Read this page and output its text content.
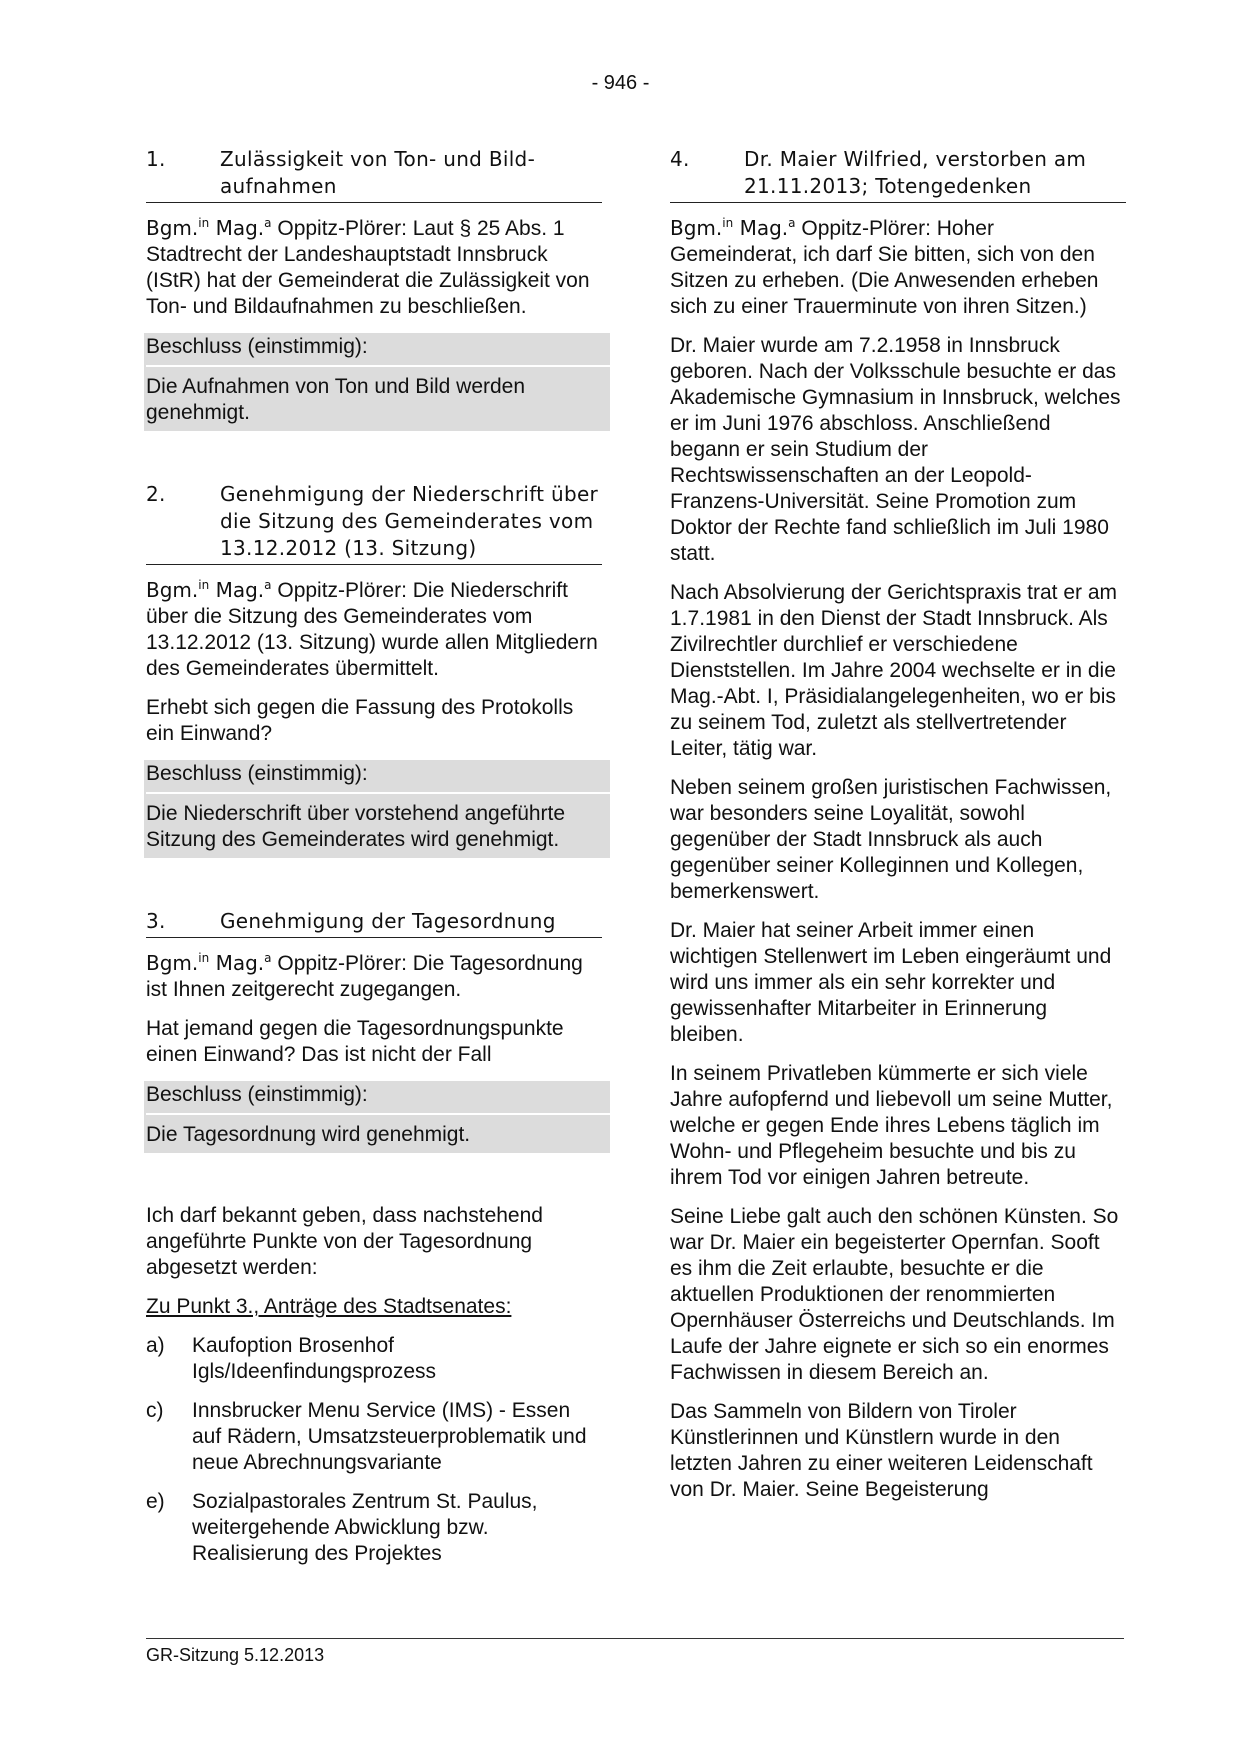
- 946 -
1.	Zulässigkeit von Ton- und Bildaufnahmen

Bgm.$^{in}$ Mag.$^a$ Oppitz-Plörer: Laut § 25 Abs. 1 Stadtrecht der Landeshauptstadt Innsbruck (IStR) hat der Gemeinderat die Zulässigkeit von Ton- und Bildaufnahmen zu beschließen.

Beschluss (einstimmig):
Die Aufnahmen von Ton und Bild werden genehmigt.
2.	Genehmigung der Niederschrift über die Sitzung des Gemeinderates vom 13.12.2012 (13. Sitzung)

Bgm.$^{in}$ Mag.$^a$ Oppitz-Plörer: Die Niederschrift über die Sitzung des Gemeinderates vom 13.12.2012 (13. Sitzung) wurde allen Mitgliedern des Gemeinderates übermittelt.

Erhebt sich gegen die Fassung des Protokolls ein Einwand?

Beschluss (einstimmig):
Die Niederschrift über vorstehend angeführte Sitzung des Gemeinderates wird genehmigt.
3.	Genehmigung der Tagesordnung

Bgm.$^{in}$ Mag.$^a$ Oppitz-Plörer: Die Tagesordnung ist Ihnen zeitgerecht zugegangen.

Hat jemand gegen die Tagesordnungspunkte einen Einwand? Das ist nicht der Fall

Beschluss (einstimmig):
Die Tagesordnung wird genehmigt.

Ich darf bekannt geben, dass nachstehend angeführte Punkte von der Tagesordnung abgesetzt werden:

Zu Punkt 3., Anträge des Stadtsenates:

a)	Kaufoption Brosenhof Igls/Ideenfindungsprozess
c)	Innsbrucker Menu Service (IMS) - Essen auf Rädern, Umsatzsteuerproblematik und neue Abrechnungsvariante
e)	Sozialpastorales Zentrum St. Paulus, weitergehende Abwicklung bzw. Realisierung des Projektes
4.	Dr. Maier Wilfried, verstorben am 21.11.2013; Totengedenken

Bgm.$^{in}$ Mag.$^a$ Oppitz-Plörer: Hoher Gemeinderat, ich darf Sie bitten, sich von den Sitzen zu erheben. (Die Anwesenden erheben sich zu einer Trauerminute von ihren Sitzen.)

Dr. Maier wurde am 7.2.1958 in Innsbruck geboren. Nach der Volksschule besuchte er das Akademische Gymnasium in Innsbruck, welches er im Juni 1976 abschloss. Anschließend begann er sein Studium der Rechtswissenschaften an der Leopold-Franzens-Universität. Seine Promotion zum Doktor der Rechte fand schließlich im Juli 1980 statt.

Nach Absolvierung der Gerichtspraxis trat er am 1.7.1981 in den Dienst der Stadt Innsbruck. Als Zivilrechtler durchlief er verschiedene Dienststellen. Im Jahre 2004 wechselte er in die Mag.-Abt. I, Präsidialangelegenheiten, wo er bis zu seinem Tod, zuletzt als stellvertretender Leiter, tätig war.

Neben seinem großen juristischen Fachwissen, war besonders seine Loyalität, sowohl gegenüber der Stadt Innsbruck als auch gegenüber seiner Kolleginnen und Kollegen, bemerkenswert.

Dr. Maier hat seiner Arbeit immer einen wichtigen Stellenwert im Leben eingeräumt und wird uns immer als ein sehr korrekter und gewissenhafter Mitarbeiter in Erinnerung bleiben.

In seinem Privatleben kümmerte er sich viele Jahre aufopfernd und liebevoll um seine Mutter, welche er gegen Ende ihres Lebens täglich im Wohn- und Pflegeheim besuchte und bis zu ihrem Tod vor einigen Jahren betreute.

Seine Liebe galt auch den schönen Künsten. So war Dr. Maier ein begeisterter Opernfan. Sooft es ihm die Zeit erlaubte, besuchte er die aktuellen Produktionen der renommierten Opernhäuser Österreichs und Deutschlands. Im Laufe der Jahre eignete er sich so ein enormes Fachwissen in diesem Bereich an.

Das Sammeln von Bildern von Tiroler Künstlerinnen und Künstlern wurde in den letzten Jahren zu einer weiteren Leidenschaft von Dr. Maier. Seine Begeisterung

GR-Sitzung 5.12.2013
